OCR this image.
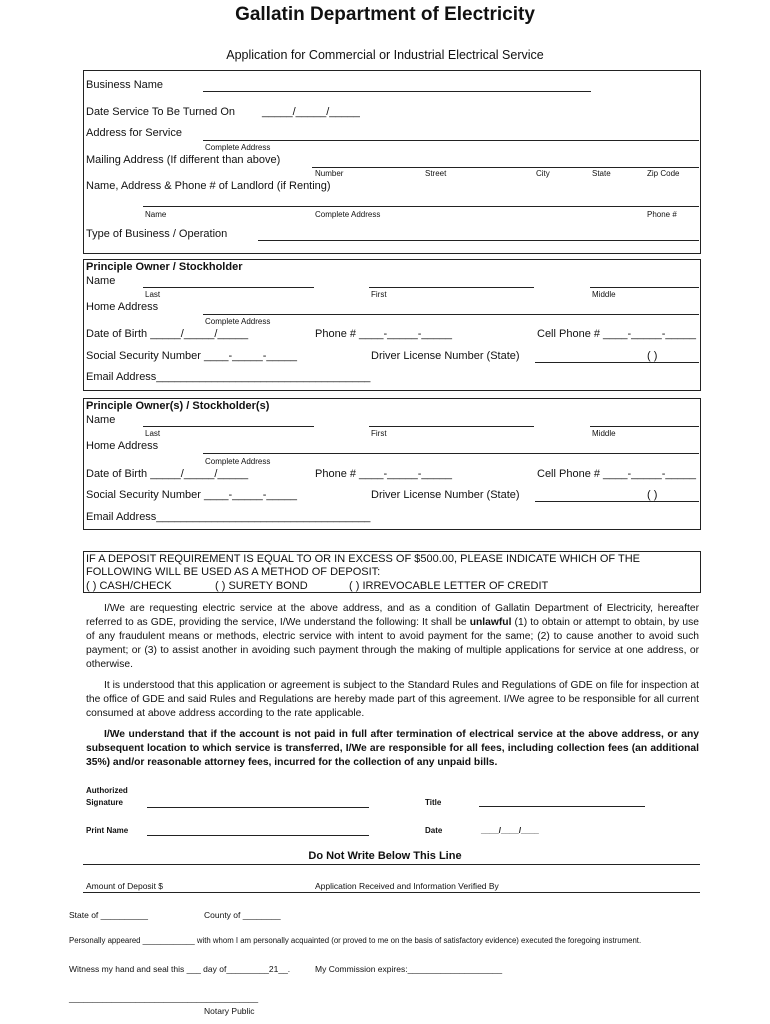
Gallatin Department of Electricity
Application for Commercial or Industrial Electrical Service
Business Name
Date Service To Be Turned On _____/_____/_____
Address for Service
Complete Address
Mailing Address (If different than above)
Number	Street	City	State	Zip Code
Name, Address & Phone # of Landlord (if Renting)
Name	Complete Address	Phone #
Type of Business / Operation
Principle Owner / Stockholder
Name
Last	First	Middle
Home Address
Complete Address
Date of Birth _____/_____/_____	Phone # ____-_____-_____	Cell Phone # ____-_____-_____
Social Security Number ____-_____-_____	Driver License Number (State)	( )
Email Address___________________________________
Principle Owner(s) / Stockholder(s)
Name
Last	First	Middle
Home Address
Complete Address
Date of Birth _____/_____/_____	Phone # ____-_____-_____	Cell Phone # ____-_____-_____
Social Security Number ____-_____-_____	Driver License Number (State)	( )
Email Address___________________________________
IF A DEPOSIT REQUIREMENT IS EQUAL TO OR IN EXCESS OF $500.00, PLEASE INDICATE WHICH OF THE
FOLLOWING WILL BE USED AS A METHOD OF DEPOSIT:
( ) CASH/CHECK	( ) SURETY BOND	( ) IRREVOCABLE LETTER OF CREDIT
I/We are requesting electric service at the above address, and as a condition of Gallatin Department of Electricity, hereafter referred to as GDE, providing the service, I/We understand the following: It shall be unlawful (1) to obtain or attempt to obtain, by use of any fraudulent means or methods, electric service with intent to avoid payment for the same; (2) to cause another to avoid such payment; or (3) to assist another in avoiding such payment through the making of multiple applications for service at one address, or otherwise.
It is understood that this application or agreement is subject to the Standard Rules and Regulations of GDE on file for inspection at the office of GDE and said Rules and Regulations are hereby made part of this agreement. I/We agree to be responsible for all current consumed at above address according to the rate applicable.
I/We understand that if the account is not paid in full after termination of electrical service at the above address, or any subsequent location to which service is transferred, I/We are responsible for all fees, including collection fees (an additional 35%) and/or reasonable attorney fees, incurred for the collection of any unpaid bills.
Authorized
Signature	Title
Print Name	Date	____/____/____
Do Not Write Below This Line
Amount of Deposit $	Application Received and Information Verified By
State of __________	County of ________
Personally appeared ____________ with whom I am personally acquainted (or proved to me on the basis of satisfactory evidence) executed the foregoing instrument.
Witness my hand and seal this ___ day of_________21__.	My Commission expires:____________________
________________________________________
Notary Public
